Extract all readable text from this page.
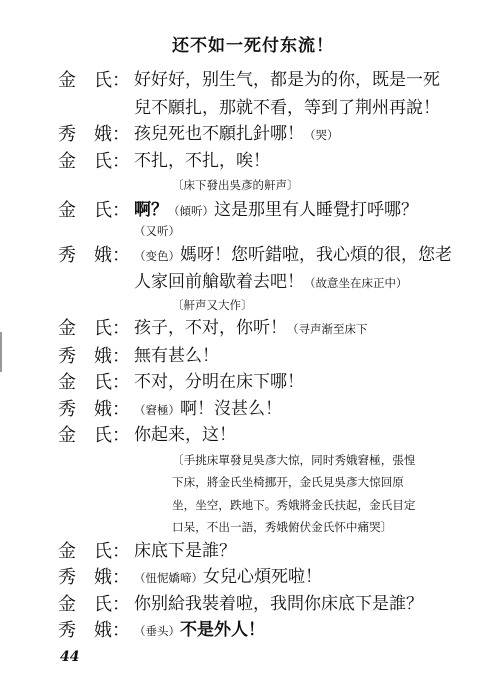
还不如一死付东流！
金　氏： 好好好，别生气，都是为的你，既是一死
兒不願扎，那就不看，等到了荆州再說！
秀　娥： 孩兒死也不願扎針哪！（哭）
金　氏： 不扎，不扎，唉！
〔床下發出吳彥的鼾声〕
金　氏： 啊？（傾听）这是那里有人睡覺打呼哪？
（又听）
秀　娥： （变色）媽呀！您听錯啦，我心煩的很，您老
人家回前艙歇着去吧！（故意坐在床正中）
〔鼾声又大作〕
金　氏： 孩子，不对，你听！（寻声渐至床下
秀　娥： 無有甚么！
金　氏： 不对，分明在床下哪！
秀　娥： （窘極）啊！沒甚么！
金　氏： 你起来，这！
〔手挑床單發見吳彥大惊，同时秀娥窘極，張惶
下床，將金氏坐椅挪开，金氏見吳彥大惊回原
坐，坐空，跌地下。秀娥將金氏扶起，金氏目定
口呆，不出一語，秀娥俯伏金氏怀中痛哭〕
金　氏： 床底下是誰？
秀　娥： （忸怩嬌啼）女兒心煩死啦！
金　氏： 你别給我裝着啦，我問你床底下是誰？
秀　娥： （垂头）不是外人！
44
